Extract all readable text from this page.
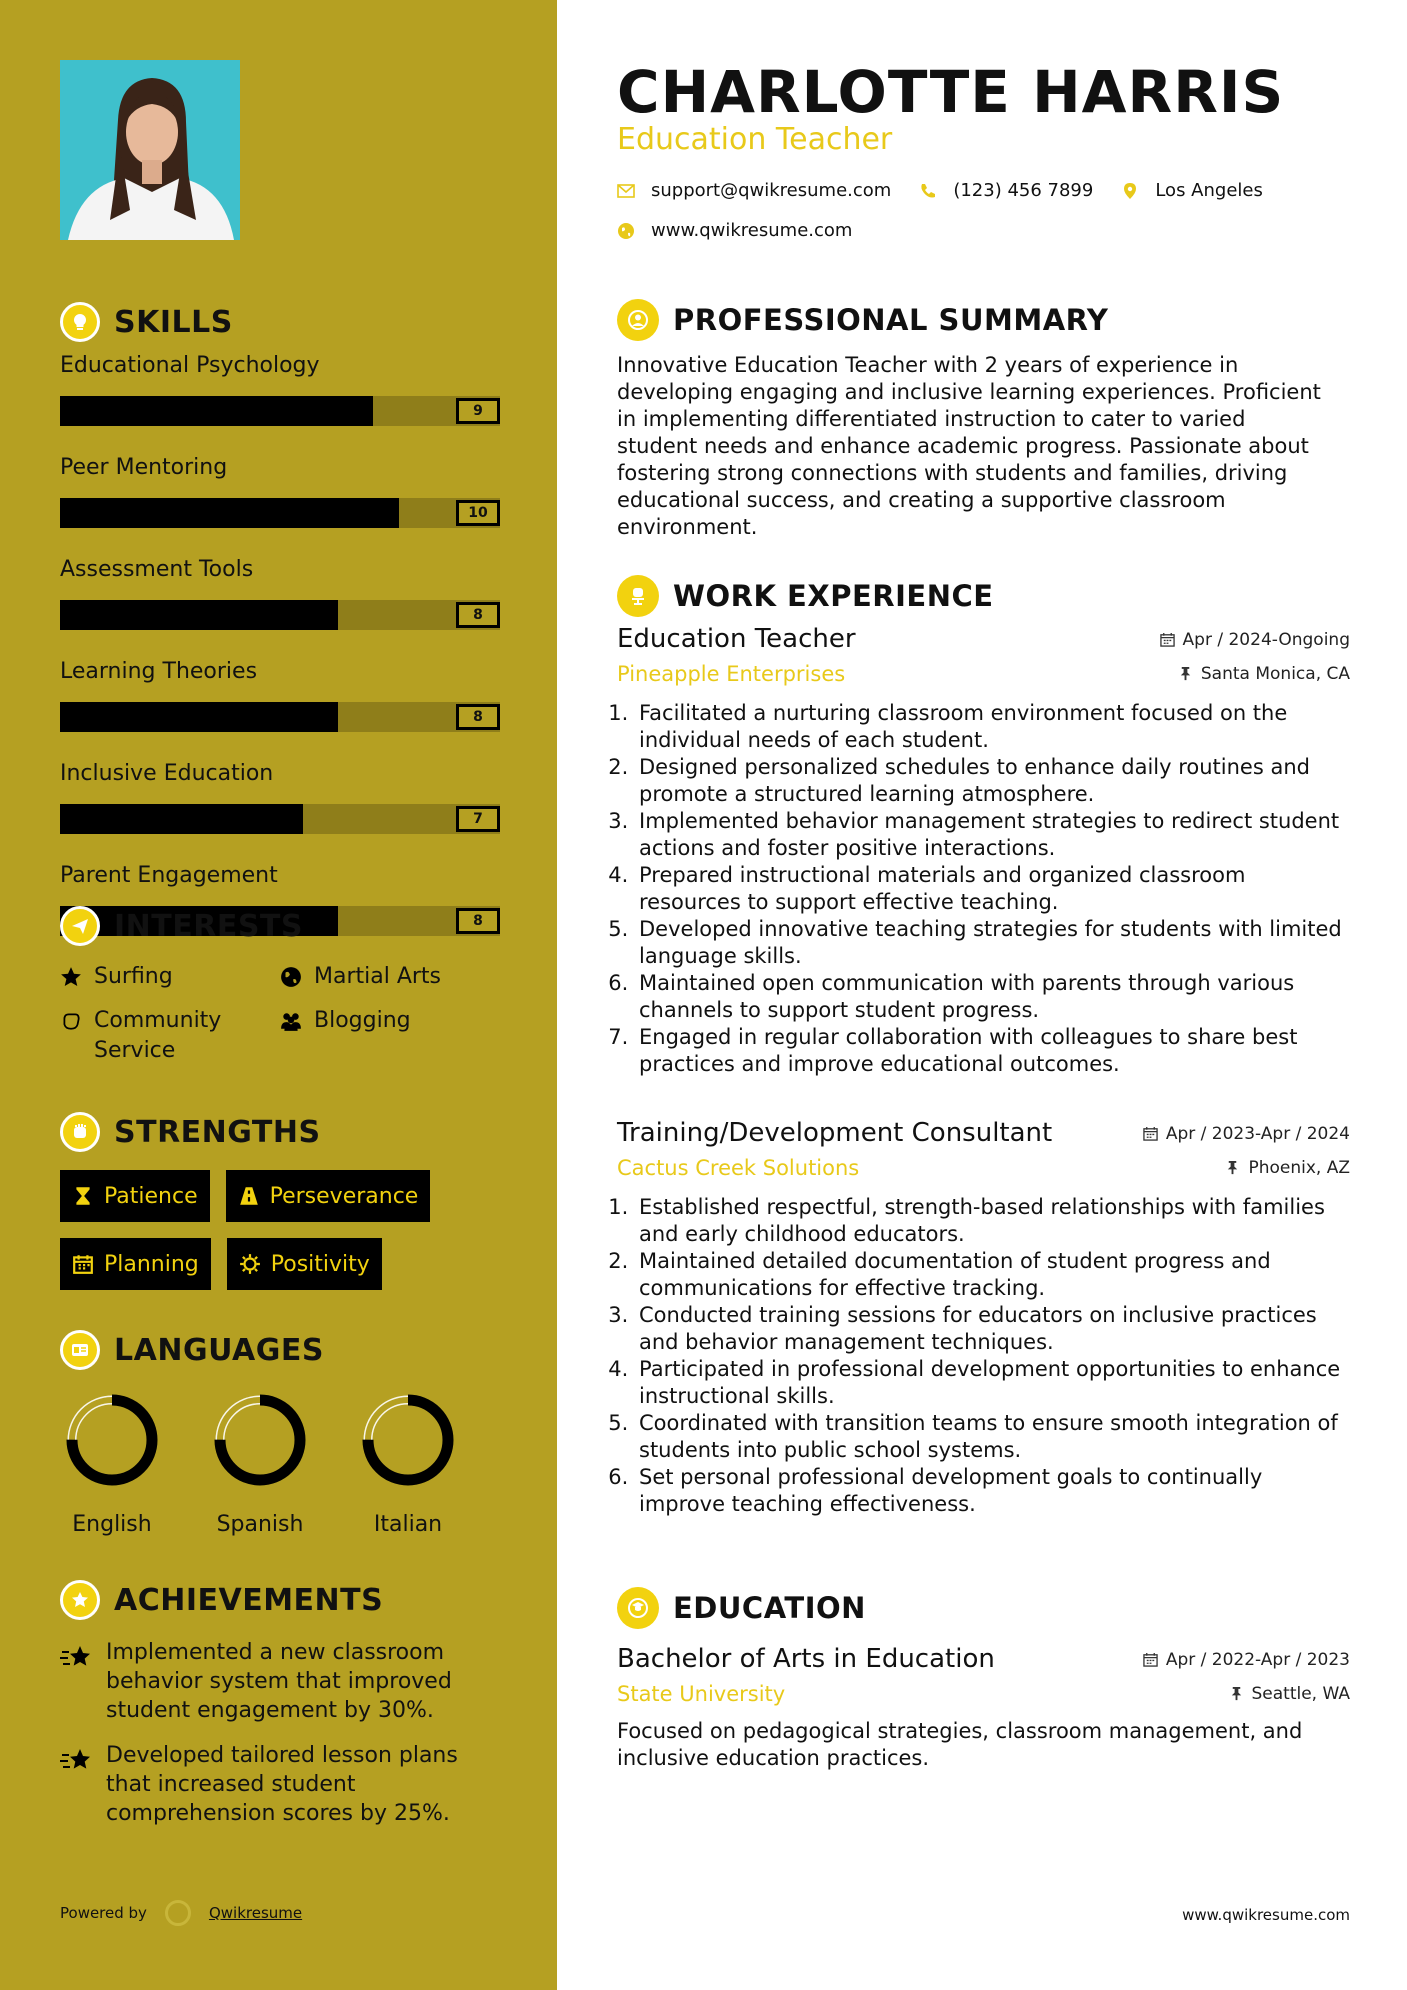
SKILLS
Educational Psychology
9
Peer Mentoring
10
Assessment Tools
8
Learning Theories
8
Inclusive Education
7
Parent Engagement
8
INTERESTS
Surfing	Martial Arts
Community Service
Blogging
STRENGTHS
Patience	Perseverance
Planning	Positivity
LANGUAGES
English	Spanish	Italian
ACHIEVEMENTS
Implemented a new classroom behavior system that improved student engagement by 30%.
Developed tailored lesson plans that increased student comprehension scores by 25%.
Powered by	Qwikresume
CHARLOTTE HARRIS
Education Teacher
support@qwikresume.com	(123) 456 7899	Los Angeles
www.qwikresume.com
PROFESSIONAL SUMMARY

Innovative Education Teacher with 2 years of experience in developing engaging and inclusive learning experiences. Proficient in implementing differentiated instruction to cater to varied student needs and enhance academic progress. Passionate about fostering strong connections with students and families, driving educational success, and creating a supportive classroom environment.

WORK EXPERIENCE
Education Teacher	Apr / 2024-Ongoing
Pineapple Enterprises	Santa Monica, CA
1. Facilitated a nurturing classroom environment focused on the individual needs of each student.
2. Designed personalized schedules to enhance daily routines and promote a structured learning atmosphere.
3. Implemented behavior management strategies to redirect student actions and foster positive interactions.
4. Prepared instructional materials and organized classroom resources to support effective teaching.
5. Developed innovative teaching strategies for students with limited language skills.
6. Maintained open communication with parents through various channels to support student progress.
7. Engaged in regular collaboration with colleagues to share best practices and improve educational outcomes.
Training/Development Consultant	Apr / 2023-Apr / 2024
Cactus Creek Solutions	Phoenix, AZ
1. Established respectful, strength-based relationships with families and early childhood educators.
2. Maintained detailed documentation of student progress and communications for effective tracking.
3. Conducted training sessions for educators on inclusive practices and behavior management techniques.
4. Participated in professional development opportunities to enhance instructional skills.
5. Coordinated with transition teams to ensure smooth integration of students into public school systems.
6. Set personal professional development goals to continually improve teaching effectiveness.
EDUCATION
Bachelor of Arts in Education	Apr / 2022-Apr / 2023
State University	Seattle, WA

Focused on pedagogical strategies, classroom management, and inclusive education practices.

www.qwikresume.com
